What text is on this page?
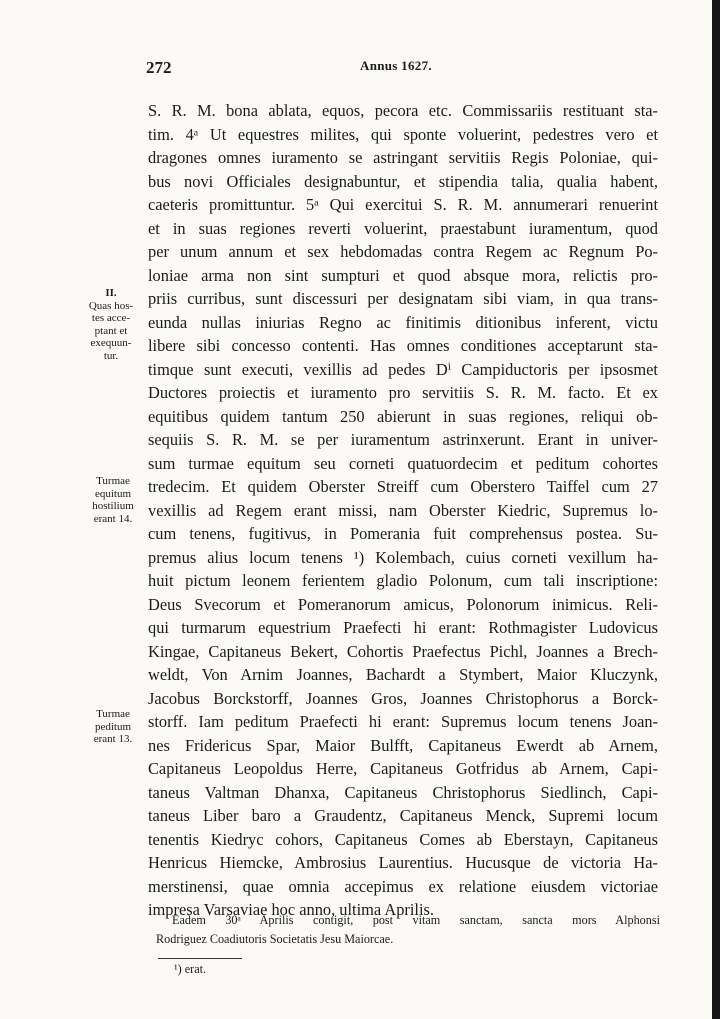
272	Annus 1627.
S. R. M. bona ablata, equos, pecora etc. Commissariis restituant sta-
tim. 4ᵃ Ut equestres milites, qui sponte voluerint, pedestres vero et
dragones omnes iuramento se astringant servitiis Regis Poloniae, qui-
bus novi Officiales designabuntur, et stipendia talia, qualia habent,
caeteris promittuntur. 5ᵃ Qui exercitui S. R. M. annumerari renuerint
et in suas regiones reverti voluerint, praestabunt iuramentum, quod
per unum annum et sex hebdomadas contra Regem ac Regnum Po-
loniae arma non sint sumpturi et quod absque mora, relictis pro-
priis curribus, sunt discessuri per designatam sibi viam, in qua trans-
eunda nullas iniurias Regno ac finitimis ditionibus inferent, victu
libere sibi concesso contenti. Has omnes conditiones acceptarunt sta-
timque sunt executi, vexillis ad pedes Dⁱ Campiductoris per ipsosmet
Ductores proiectis et iuramento pro servitiis S. R. M. facto. Et ex
equitibus quidem tantum 250 abierunt in suas regiones, reliqui ob-
sequiis S. R. M. se per iuramentum astrinxerunt. Erant in univer-
sum turmae equitum seu corneti quatuordecim et peditum cohortes
tredecim. Et quidem Oberster Streiff cum Oberstero Taiffel cum 27
vexillis ad Regem erant missi, nam Oberster Kiedric, Supremus lo-
cum tenens, fugitivus, in Pomerania fuit comprehensus postea. Su-
premus alius locum tenens ¹) Kolembach, cuius corneti vexillum ha-
huit pictum leonem ferientem gladio Polonum, cum tali inscriptione:
Deus Svecorum et Pomeranorum amicus, Polonorum inimicus. Reli-
qui turmarum equestrium Praefecti hi erant: Rothmagister Ludovicus
Kingae, Capitaneus Bekert, Cohortis Praefectus Pichl, Joannes a Brech-
weldt, Von Arnim Joannes, Bachardt a Stymbert, Maior Kluczynk,
Jacobus Borckstorff, Joannes Gros, Joannes Christophorus a Borck-
storff. Iam peditum Praefecti hi erant: Supremus locum tenens Joan-
nes Fridericus Spar, Maior Bulfft, Capitaneus Ewerdt ab Arnem,
Capitaneus Leopoldus Herre, Capitaneus Gotfridus ab Arnem, Capi-
taneus Valtman Dhanxa, Capitaneus Christophorus Siedlinch, Capi-
taneus Liber baro a Graudentz, Capitaneus Menck, Supremi locum
tenentis Kiedryc cohors, Capitaneus Comes ab Eberstayn, Capitaneus
Henricus Hiemcke, Ambrosius Laurentius. Hucusque de victoria Ha-
merstinensi, quae omnia accepimus ex relatione eiusdem victoriae
impresa Varsaviae hoc anno, ultima Aprilis.
II.
Quas hos-
tes acce-
ptant et
exequun-
tur.
Turmae
equitum
hostilium
erant 14.
Turmae
peditum
erant 13.
Eadem 30ᵃ Aprilis contigit, post vitam sanctam, sancta mors Alphonsi
Rodriguez Coadiutoris Societatis Jesu Maiorcae.
¹) erat.
